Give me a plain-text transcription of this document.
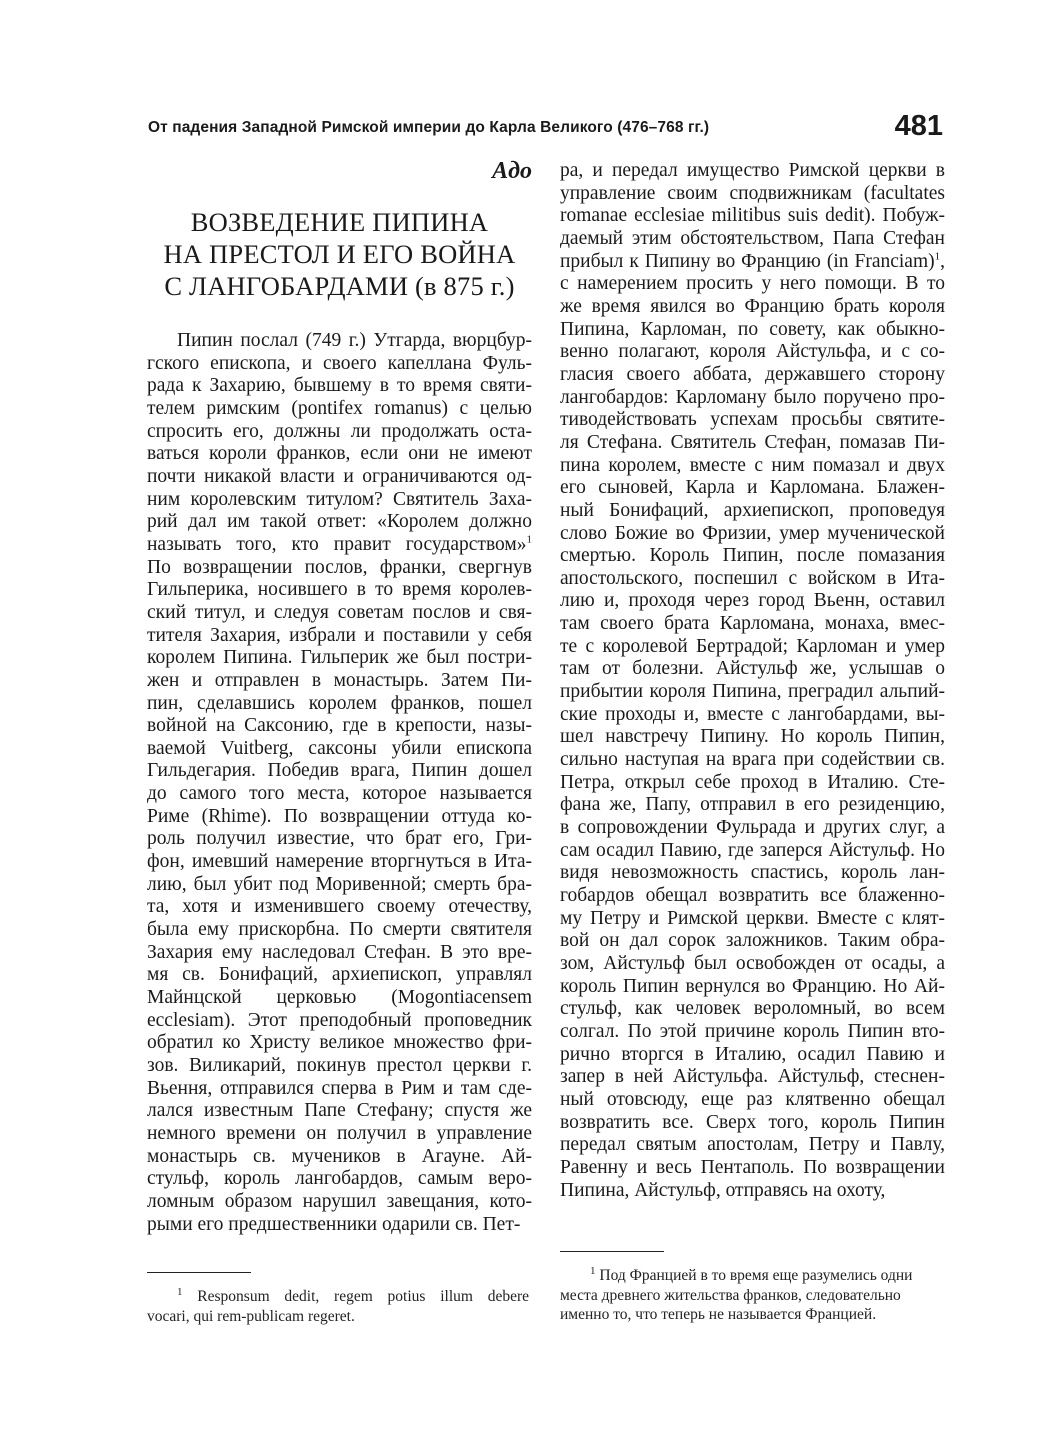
От падения Западной Римской империи до Карла Великого (476–768 гг.)	481
Адо
ВОЗВЕДЕНИЕ ПИПИНА
НА ПРЕСТОЛ И ЕГО ВОЙНА
С ЛАНГОБАРДАМИ (в 875 г.)
Пипин послал (749 г.) Утгарда, вюрцбур-
гского епископа, и своего капеллана Фуль-
рада к Захарию, бывшему в то время святи-
телем римским (pontifex romanus) с целью
спросить его, должны ли продолжать оста-
ваться короли франков, если они не имеют
почти никакой власти и ограничиваются од-
ним королевским титулом? Святитель Заха-
рий дал им такой ответ: «Королем должно
называть того, кто правит государством»$^1$
По возвращении послов, франки, свергнув
Гильперика, носившего в то время королев-
ский титул, и следуя советам послов и свя-
тителя Захария, избрали и поставили у себя
королем Пипина. Гильперик же был постри-
жен и отправлен в монастырь. Затем Пи-
пин, сделавшись королем франков, пошел
войной на Саксонию, где в крепости, назы-
ваемой Vuitberg, саксоны убили епископа
Гильдегария. Победив врага, Пипин дошел
до самого того места, которое называется
Риме (Rhime). По возвращении оттуда ко-
роль получил известие, что брат его, Гри-
фон, имевший намерение вторгнуться в Ита-
лию, был убит под Моривенной; смерть бра-
та, хотя и изменившего своему отечеству,
была ему прискорбна. По смерти святителя
Захария ему наследовал Стефан. В это вре-
мя св. Бонифаций, архиепископ, управлял
Майнцской церковью (Mogontiacensem
ecclesiam). Этот преподобный проповедник
обратил ко Христу великое множество фри-
зов. Виликарий, покинув престол церкви г.
Вьення, отправился сперва в Рим и там сде-
лался известным Папе Стефану; спустя же
немного времени он получил в управление
монастырь св. мучеников в Агауне. Ай-
стульф, король лангобардов, самым веро-
ломным образом нарушил завещания, кото-
рыми его предшественники одарили св. Пет-
ра, и передал имущество Римской церкви в
управление своим сподвижникам (facultates
romanae ecclesiae militibus suis dedit). Побуж-
даемый этим обстоятельством, Папа Стефан
прибыл к Пипину во Францию (in Franciam)$^1$,
с намерением просить у него помощи. В то
же время явился во Францию брать короля
Пипина, Карломан, по совету, как обыкно-
венно полагают, короля Айстульфа, и с со-
гласия своего аббата, державшего сторону
лангобардов: Карломану было поручено про-
тиводействовать успехам просьбы святите-
ля Стефана. Святитель Стефан, помазав Пи-
пина королем, вместе с ним помазал и двух
его сыновей, Карла и Карломана. Блажен-
ный Бонифаций, архиепископ, проповедуя
слово Божие во Фризии, умер мученической
смертью. Король Пипин, после помазания
апостольского, поспешил с войском в Ита-
лию и, проходя через город Вьенн, оставил
там своего брата Карломана, монаха, вмес-
те с королевой Бертрадой; Карломан и умер
там от болезни. Айстульф же, услышав о
прибытии короля Пипина, преградил альпий-
ские проходы и, вместе с лангобардами, вы-
шел навстречу Пипину. Но король Пипин,
сильно наступая на врага при содействии св.
Петра, открыл себе проход в Италию. Сте-
фана же, Папу, отправил в его резиденцию,
в сопровождении Фульрада и других слуг, а
сам осадил Павию, где заперся Айстульф. Но
видя невозможность спастись, король лан-
гобардов обещал возвратить все блаженно-
му Петру и Римской церкви. Вместе с клят-
вой он дал сорок заложников. Таким обра-
зом, Айстульф был освобожден от осады, а
король Пипин вернулся во Францию. Но Ай-
стульф, как человек вероломный, во всем
солгал. По этой причине король Пипин вто-
рично вторгся в Италию, осадил Павию и
запер в ней Айстульфа. Айстульф, стеснен-
ный отовсюду, еще раз клятвенно обещал
возвратить все. Сверх того, король Пипин
передал святым апостолам, Петру и Павлу,
Равенну и весь Пентаполь. По возвращении
Пипина, Айстульф, отправясь на охоту,
$^1$ Responsum dedit, regem potius illum debere
vocari, qui rem-publicam regeret.
$^1$ Под Францией в то время еще разумелись одни
места древнего жительства франков, следовательно
именно то, что теперь не называется Францией.
